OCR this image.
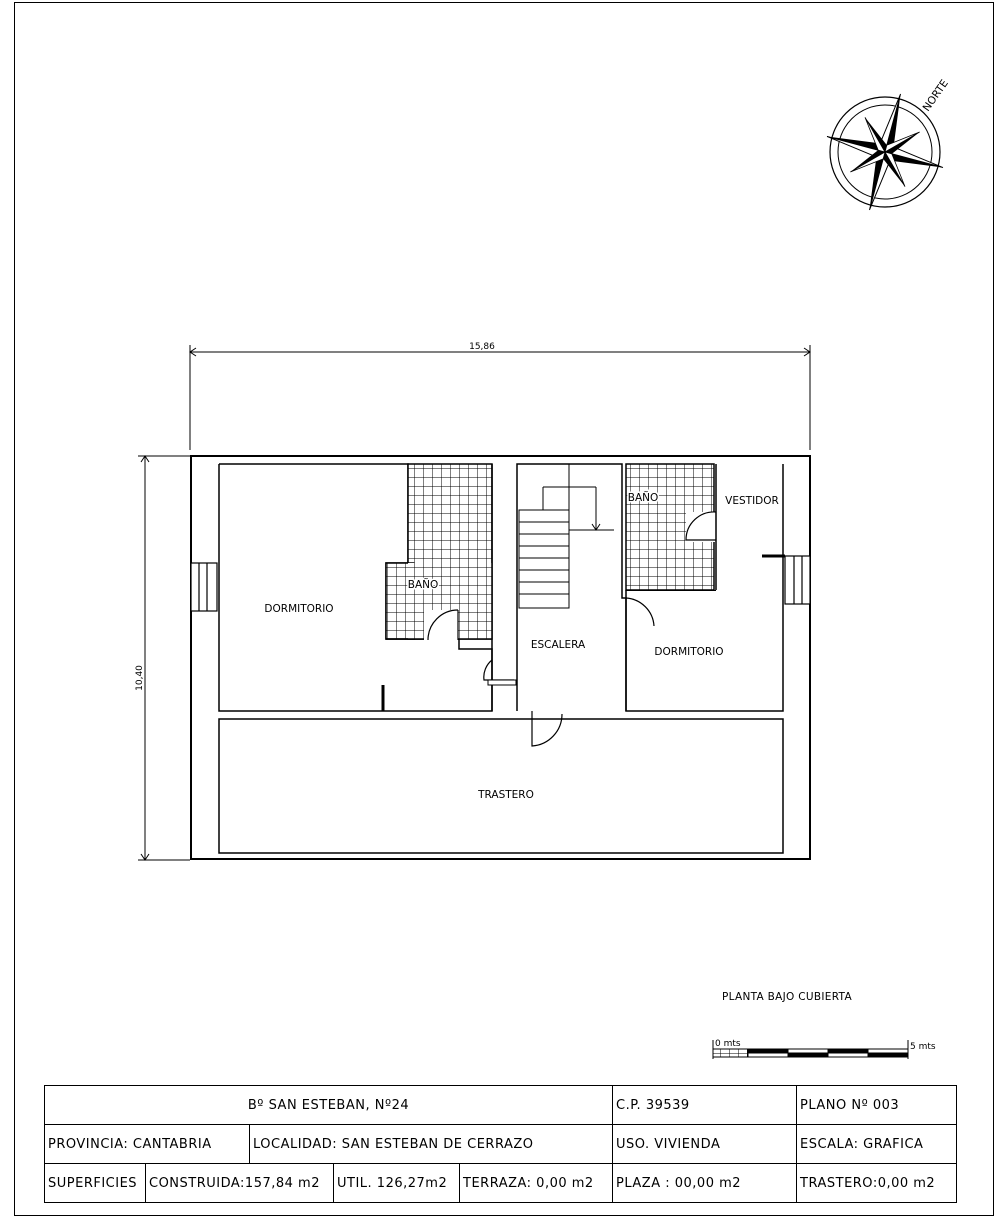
NORTE
15,86
10,40
DORMITORIO
BAÑO
ESCALERA
BAÑO	VESTIDOR
DORMITORIO
TRASTERO
0 mts	5 mts
PLANTA BAJO CUBIERTA
Bº SAN ESTEBAN, Nº24					C.P. 39539	PLANO Nº 003
PROVINCIA: CANTABRIA		LOCALIDAD: SAN ESTEBAN DE CERRAZO			USO. VIVIENDA	ESCALA: GRAFICA
SUPERFICIES	CONSTRUIDA:157,84 m2		UTIL. 126,27m2	TERRAZA: 0,00 m2	PLAZA : 00,00 m2	TRASTERO:0,00 m2
